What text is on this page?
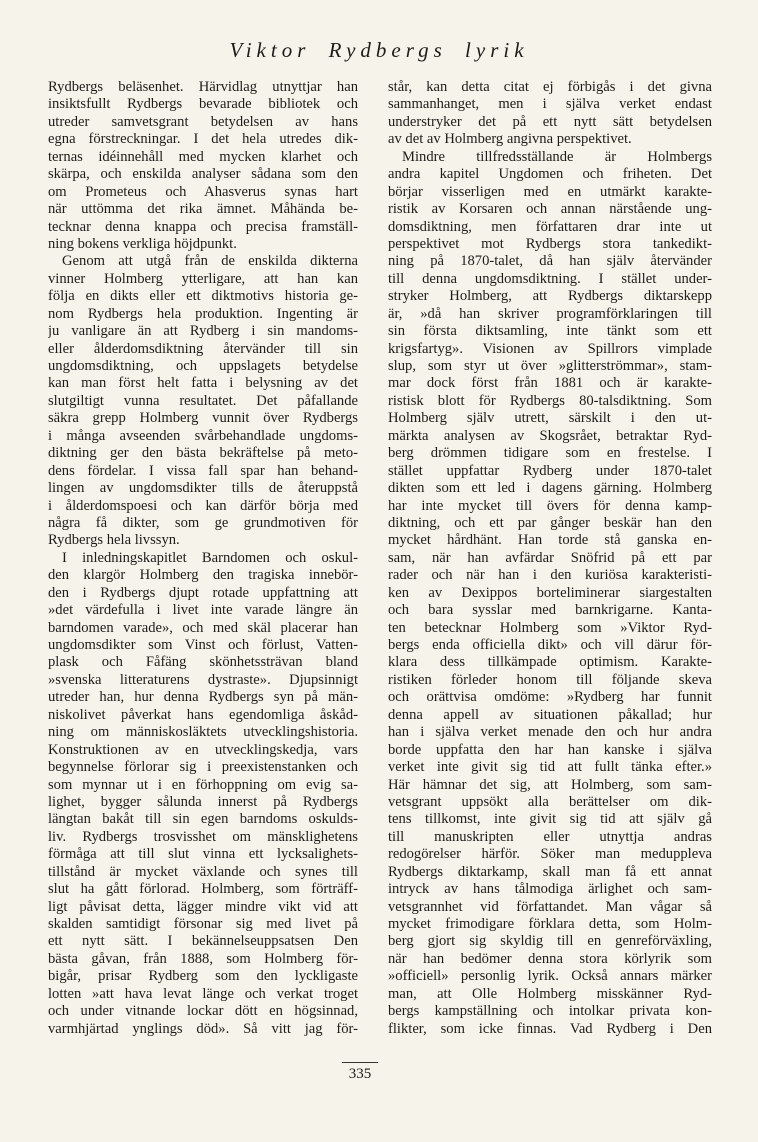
Viktor Rydbergs lyrik
Rydbergs beläsenhet. Härvidlag utnyttjar han
insiktsfullt Rydbergs bevarade bibliotek och
utreder samvetsgrant betydelsen av hans
egna förstreckningar. I det hela utredes dik-
ternas idéinnehåll med mycken klarhet och
skärpa, och enskilda analyser sådana som den
om Prometeus och Ahasverus synas hart
när uttömma det rika ämnet. Måhända be-
tecknar denna knappa och precisa framställ-
ning bokens verkliga höjdpunkt.
Genom att utgå från de enskilda dikterna
vinner Holmberg ytterligare, att han kan
följa en dikts eller ett diktmotivs historia ge-
nom Rydbergs hela produktion. Ingenting är
ju vanligare än att Rydberg i sin mandoms-
eller ålderdomsdiktning återvänder till sin
ungdomsdiktning, och uppslagets betydelse
kan man först helt fatta i belysning av det
slutgiltigt vunna resultatet. Det påfallande
säkra grepp Holmberg vunnit över Rydbergs
i många avseenden svårbehandlade ungdoms-
diktning ger den bästa bekräftelse på meto-
dens fördelar. I vissa fall spar han behand-
lingen av ungdomsdikter tills de återuppstå
i ålderdomspoesi och kan därför börja med
några få dikter, som ge grundmotiven för
Rydbergs hela livssyn.
I inledningskapitlet Barndomen och oskul-
den klargör Holmberg den tragiska innebör-
den i Rydbergs djupt rotade uppfattning att
»det värdefulla i livet inte varade längre än
barndomen varade», och med skäl placerar han
ungdomsdikter som Vinst och förlust, Vatten-
plask och Fåfäng skönhetssträvan bland
»svenska litteraturens dystraste». Djupsinnigt
utreder han, hur denna Rydbergs syn på män-
niskolivet påverkat hans egendomliga åskåd-
ning om människosläktets utvecklingshistoria.
Konstruktionen av en utvecklingskedja, vars
begynnelse förlorar sig i preexistenstanken och
som mynnar ut i en förhoppning om evig sa-
lighet, bygger sålunda innerst på Rydbergs
längtan bakåt till sin egen barndoms oskulds-
liv. Rydbergs trosvisshet om mänsklighetens
förmåga att till slut vinna ett lycksalighets-
tillstånd är mycket växlande och synes till
slut ha gått förlorad. Holmberg, som förträff-
ligt påvisat detta, lägger mindre vikt vid att
skalden samtidigt försonar sig med livet på
ett nytt sätt. I bekännelseuppsatsen Den
bästa gåvan, från 1888, som Holmberg för-
bigår, prisar Rydberg som den lyckligaste
lotten »att hava levat länge och verkat troget
och under vitnande lockar dött en högsinnad,
varmhjärtad ynglings död». Så vitt jag för-
står, kan detta citat ej förbigås i det givna
sammanhanget, men i själva verket endast
understryker det på ett nytt sätt betydelsen
av det av Holmberg angivna perspektivet.
Mindre tillfredsställande är Holmbergs
andra kapitel Ungdomen och friheten. Det
börjar visserligen med en utmärkt karakte-
ristik av Korsaren och annan närstående ung-
domsdiktning, men författaren drar inte ut
perspektivet mot Rydbergs stora tankedikt-
ning på 1870-talet, då han själv återvänder
till denna ungdomsdiktning. I stället under-
stryker Holmberg, att Rydbergs diktarskepp
är, »då han skriver programförklaringen till
sin första diktsamling, inte tänkt som ett
krigsfartyg». Visionen av Spillrors vimplade
slup, som styr ut över »glitterströmmar», stam-
mar dock först från 1881 och är karakte-
ristisk blott för Rydbergs 80-talsdiktning. Som
Holmberg själv utrett, särskilt i den ut-
märkta analysen av Skogsrået, betraktar Ryd-
berg drömmen tidigare som en frestelse. I
stället uppfattar Rydberg under 1870-talet
dikten som ett led i dagens gärning. Holmberg
har inte mycket till övers för denna kamp-
diktning, och ett par gånger beskär han den
mycket hårdhänt. Han torde stå ganska en-
sam, när han avfärdar Snöfrid på ett par
rader och när han i den kuriösa karakteristi-
ken av Dexippos borteliminerar siargestalten
och bara sysslar med barnkrigarne. Kanta-
ten betecknar Holmberg som »Viktor Ryd-
bergs enda officiella dikt» och vill därur för-
klara dess tillkämpade optimism. Karakte-
ristiken förleder honom till följande skeva
och orättvisa omdöme: »Rydberg har funnit
denna appell av situationen påkallad; hur
han i själva verket menade den och hur andra
borde uppfatta den har han kanske i själva
verket inte givit sig tid att fullt tänka efter.»
Här hämnar det sig, att Holmberg, som sam-
vetsgrant uppsökt alla berättelser om dik-
tens tillkomst, inte givit sig tid att själv gå
till manuskripten eller utnyttja andras
redogörelser härför. Söker man meduppleva
Rydbergs diktarkamp, skall man få ett annat
intryck av hans tålmodiga ärlighet och sam-
vetsgrannhet vid författandet. Man vågar så
mycket frimodigare förklara detta, som Holm-
berg gjort sig skyldig till en genreförväxling,
när han bedömer denna stora körlyrik som
»officiell» personlig lyrik. Också annars märker
man, att Olle Holmberg misskänner Ryd-
bergs kampställning och intolkar privata kon-
flikter, som icke finnas. Vad Rydberg i Den
335
